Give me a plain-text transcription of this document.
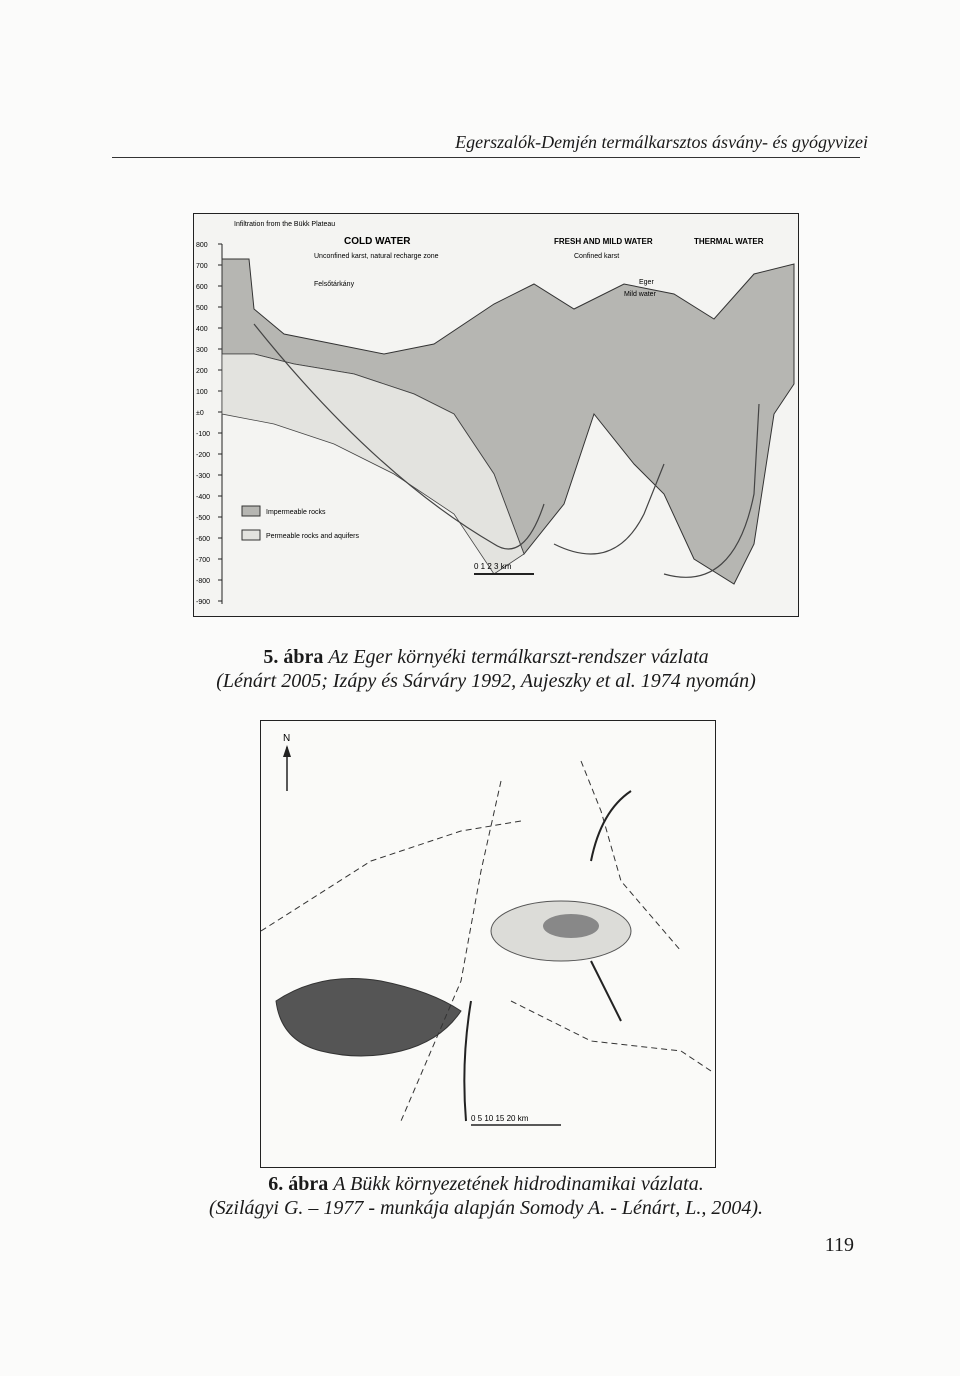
Egerszalók-Demjén termálkarsztos ásvány- és gyógyvizei
800
700
600
500
400
300
200
100
±0
-100
-200
-300
-400
-500
-600
-700
-800
-900
Infiltration from the Bükk Plateau
COLD WATER
Unconfined karst, natural recharge zone
FRESH AND MILD WATER
Confined karst
THERMAL WATER
Felsőtárkány	Eger
Mild water
Impermeable rocks
Permeable rocks and aquifers
0 1 2 3 km
5. ábra Az Eger környéki termálkarszt-rendszer vázlata
(Lénárt 2005; Izápy és Sárváry 1992, Aujeszky et al. 1974 nyomán)
N
0 5 10 15 20 km
6. ábra A Bükk környezetének hidrodinamikai vázlata.
(Szilágyi G. – 1977 - munkája alapján Somody A. - Lénárt, L., 2004).
119
